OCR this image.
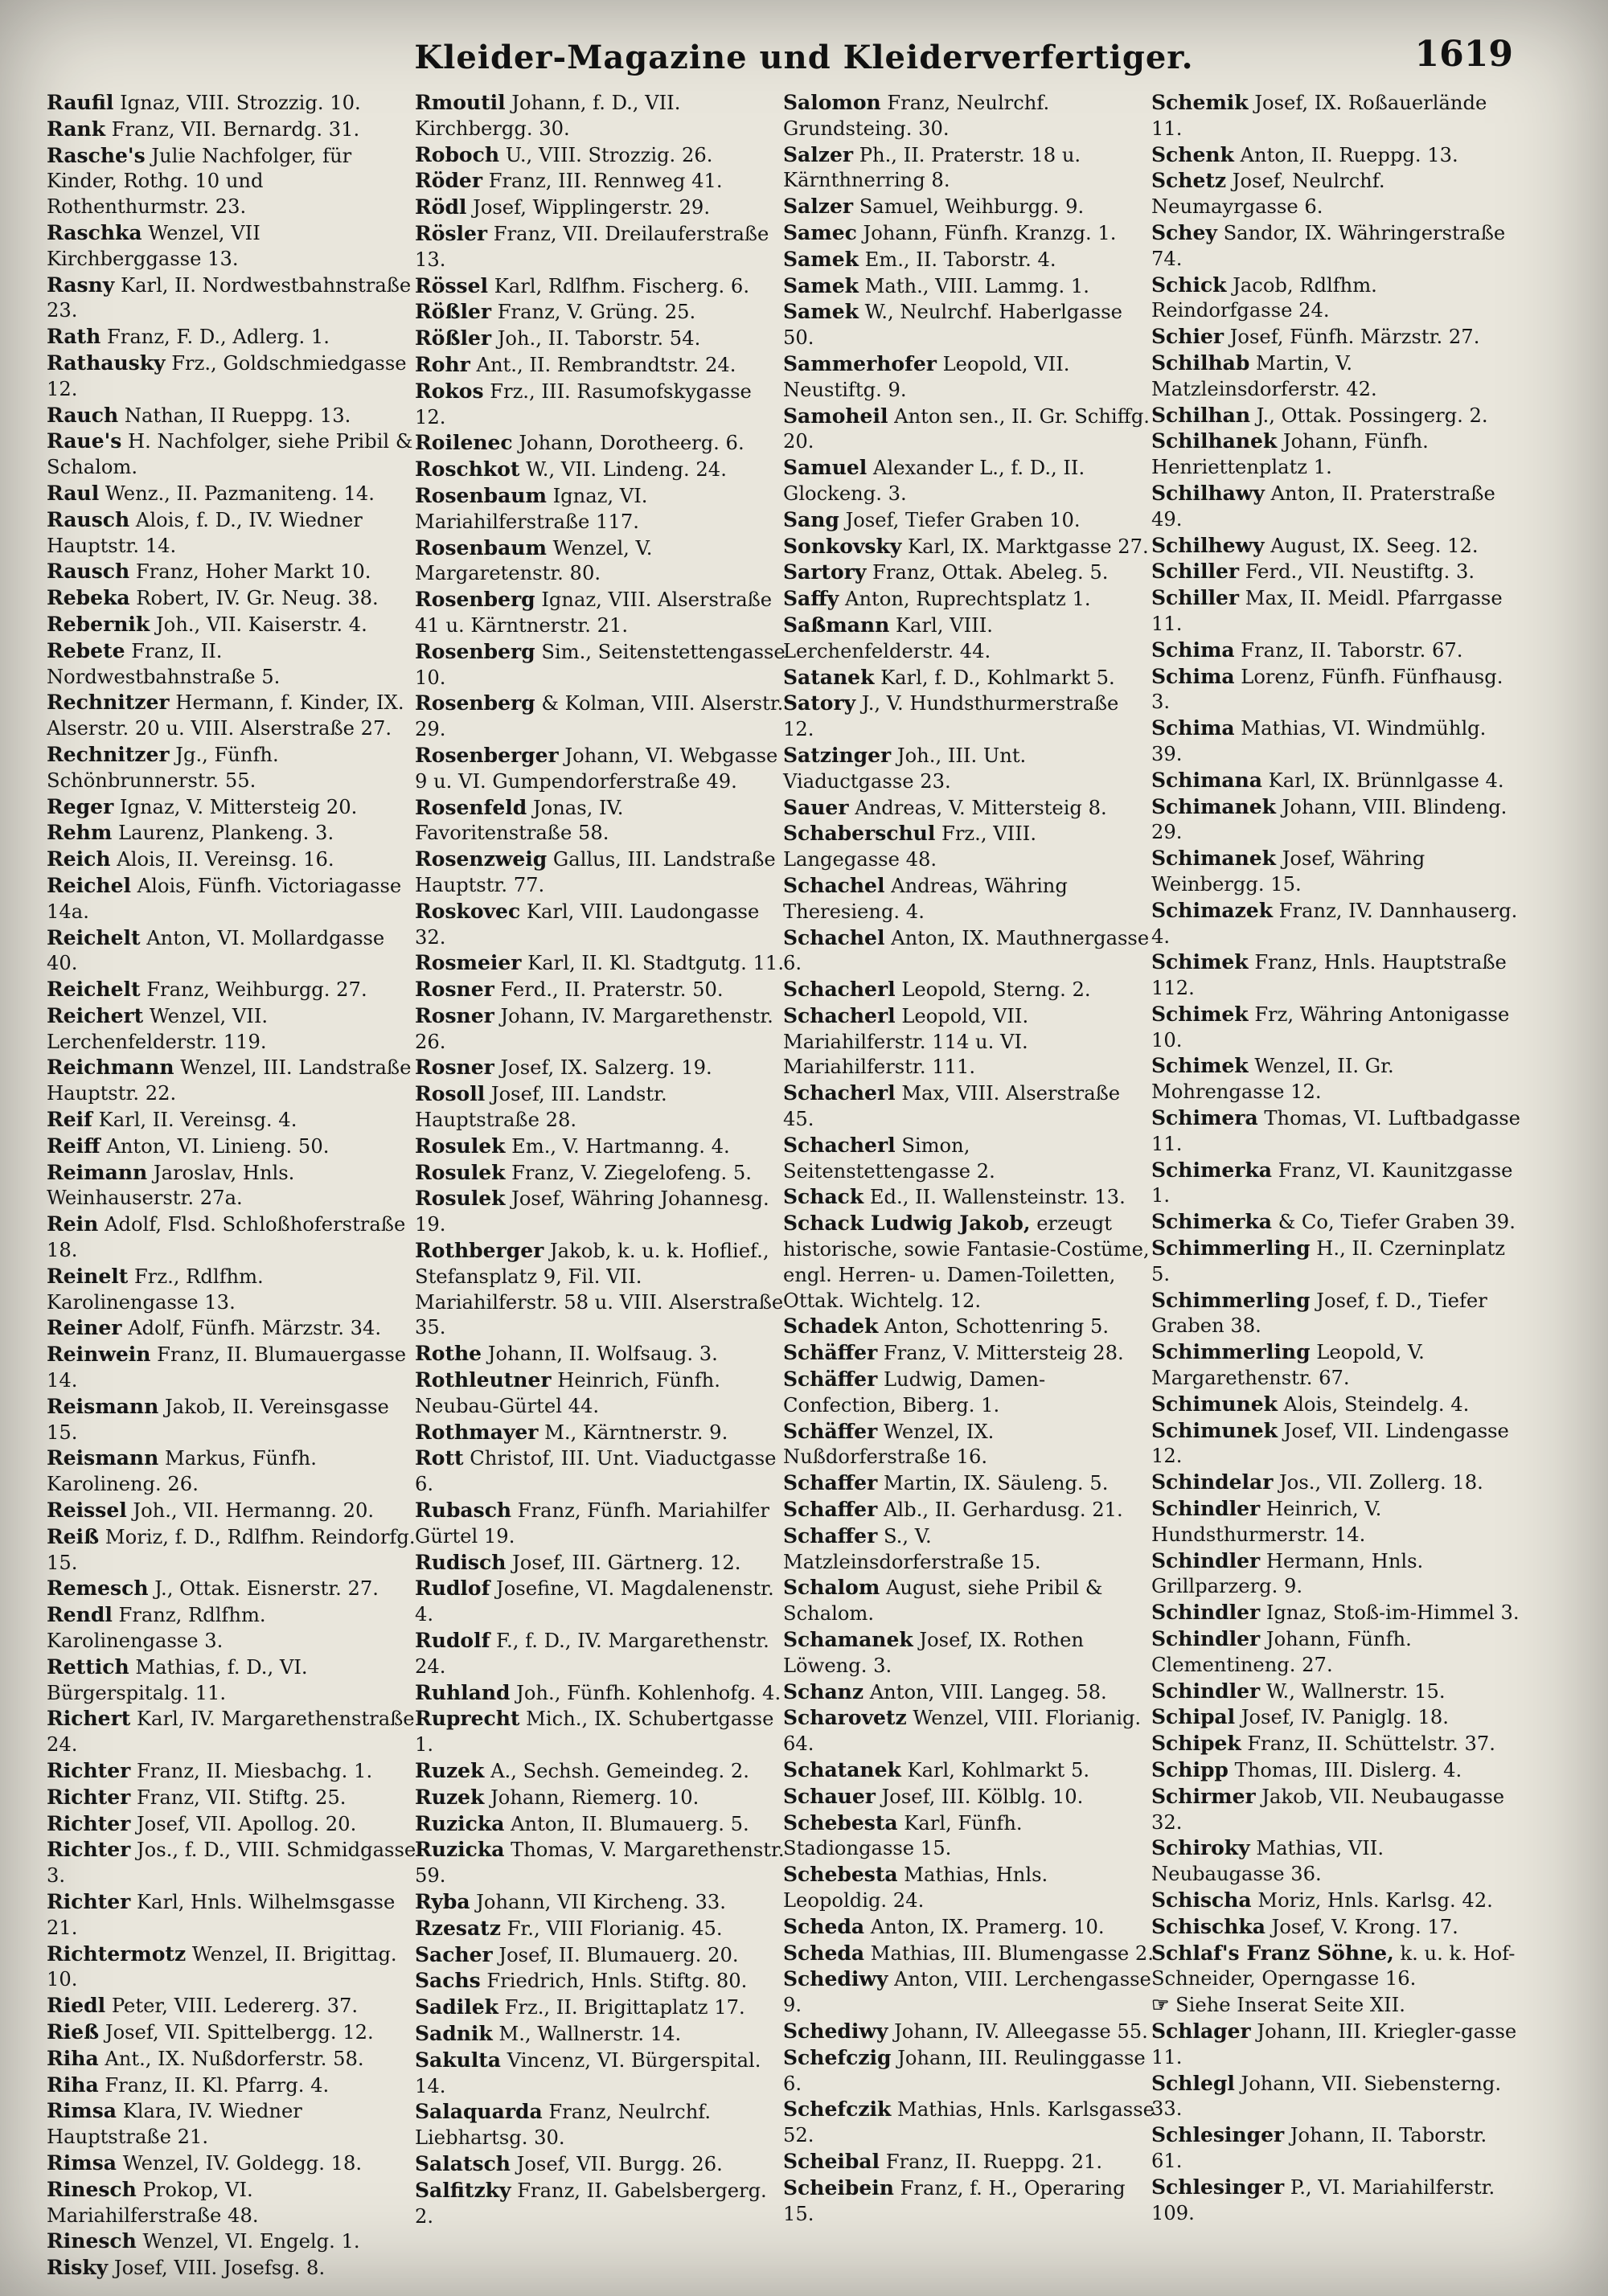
Kleider-Magazine und Kleiderverfertiger.	1619
Raufil Ignaz, VIII. Strozzig. 10.
Rank Franz, VII. Bernardg. 31.
Rasche's Julie Nachfolger, für Kinder, Rothg. 10 und Rothenthurmstr. 23.
Raschka Wenzel, VII Kirchberggasse 13.
Rasny Karl, II. Nordwestbahnstraße 23.
Rath Franz, F. D., Adlerg. 1.
Rathausky Frz., Goldschmiedgasse 12.
Rauch Nathan, II Rueppg. 13.
Raue's H. Nachfolger, siehe Pribil & Schalom.
Raul Wenz., II. Pazmaniteng. 14.
Rausch Alois, f. D., IV. Wiedner Hauptstr. 14.
Rausch Franz, Hoher Markt 10.
Rebeka Robert, IV. Gr. Neug. 38.
Rebernik Joh., VII. Kaiserstr. 4.
Rebete Franz, II. Nordwestbahnstraße 5.
Rechnitzer Hermann, f. Kinder, IX. Alserstr. 20 u. VIII. Alserstraße 27.
Rechnitzer Jg., Fünfh. Schönbrunnerstr. 55.
Reger Ignaz, V. Mittersteig 20.
Rehm Laurenz, Plankeng. 3.
Reich Alois, II. Vereinsg. 16.
Reichel Alois, Fünfh. Victoriagasse 14a.
Reichelt Anton, VI. Mollardgasse 40.
Reichelt Franz, Weihburgg. 27.
Reichert Wenzel, VII. Lerchenfelderstr. 119.
Reichmann Wenzel, III. Landstraße Hauptstr. 22.
Reif Karl, II. Vereinsg. 4.
Reiff Anton, VI. Linieng. 50.
Reimann Jaroslav, Hnls. Weinhauserstr. 27a.
Rein Adolf, Flsd. Schloßhoferstraße 18.
Reinelt Frz., Rdlfhm. Karolinengasse 13.
Reiner Adolf, Fünfh. Märzstr. 34.
Reinwein Franz, II. Blumauergasse 14.
Reismann Jakob, II. Vereinsgasse 15.
Reismann Markus, Fünfh. Karolineng. 26.
Reissel Joh., VII. Hermanng. 20.
Reiß Moriz, f. D., Rdlfhm. Reindorfg. 15.
Remesch J., Ottak. Eisnerstr. 27.
Rendl Franz, Rdlfhm. Karolinengasse 3.
Rettich Mathias, f. D., VI. Bürgerspitalg. 11.
Richert Karl, IV. Margarethenstraße 24.
Richter Franz, II. Miesbachg. 1.
Richter Franz, VII. Stiftg. 25.
Richter Josef, VII. Apollog. 20.
Richter Jos., f. D., VIII. Schmidgasse 3.
Richter Karl, Hnls. Wilhelmsgasse 21.
Richtermotz Wenzel, II. Brigittag. 10.
Riedl Peter, VIII. Ledererg. 37.
Rieß Josef, VII. Spittelbergg. 12.
Riha Ant., IX. Nußdorferstr. 58.
Riha Franz, II. Kl. Pfarrg. 4.
Rimsa Klara, IV. Wiedner Hauptstraße 21.
Rimsa Wenzel, IV. Goldegg. 18.
Rinesch Prokop, VI. Mariahilferstraße 48.
Rinesch Wenzel, VI. Engelg. 1.
Risky Josef, VIII. Josefsg. 8.
Rmoutil Johann, f. D., VII. Kirchbergg. 30.
Roboch U., VIII. Strozzig. 26.
Röder Franz, III. Rennweg 41.
Rödl Josef, Wipplingerstr. 29.
Rösler Franz, VII. Dreilauferstraße 13.
Rössel Karl, Rdlfhm. Fischerg. 6.
Rößler Franz, V. Grüng. 25.
Rößler Joh., II. Taborstr. 54.
Rohr Ant., II. Rembrandtstr. 24.
Rokos Frz., III. Rasumofskygasse 12.
Roilenec Johann, Dorotheerg. 6.
Roschkot W., VII. Lindeng. 24.
Rosenbaum Ignaz, VI. Mariahilferstraße 117.
Rosenbaum Wenzel, V. Margaretenstr. 80.
Rosenberg Ignaz, VIII. Alserstraße 41 u. Kärntnerstr. 21.
Rosenberg Sim., Seitenstettengasse 10.
Rosenberg & Kolman, VIII. Alserstr. 29.
Rosenberger Johann, VI. Webgasse 9 u. VI. Gumpendorferstraße 49.
Rosenfeld Jonas, IV. Favoritenstraße 58.
Rosenzweig Gallus, III. Landstraße Hauptstr. 77.
Roskovec Karl, VIII. Laudongasse 32.
Rosmeier Karl, II. Kl. Stadtgutg. 11.
Rosner Ferd., II. Praterstr. 50.
Rosner Johann, IV. Margarethenstr. 26.
Rosner Josef, IX. Salzerg. 19.
Rosoll Josef, III. Landstr. Hauptstraße 28.
Rosulek Em., V. Hartmanng. 4.
Rosulek Franz, V. Ziegelofeng. 5.
Rosulek Josef, Währing Johannesg. 19.
Rothberger Jakob, k. u. k. Hoflief., Stefansplatz 9, Fil. VII. Mariahilferstr. 58 u. VIII. Alserstraße 35.
Rothe Johann, II. Wolfsaug. 3.
Rothleutner Heinrich, Fünfh. Neubau-Gürtel 44.
Rothmayer M., Kärntnerstr. 9.
Rott Christof, III. Unt. Viaductgasse 6.
Rubasch Franz, Fünfh. Mariahilfer Gürtel 19.
Rudisch Josef, III. Gärtnerg. 12.
Rudlof Josefine, VI. Magdalenenstr. 4.
Rudolf F., f. D., IV. Margarethenstr. 24.
Ruhland Joh., Fünfh. Kohlenhofg. 4.
Ruprecht Mich., IX. Schubertgasse 1.
Ruzek A., Sechsh. Gemeindeg. 2.
Ruzek Johann, Riemerg. 10.
Ruzicka Anton, II. Blumauerg. 5.
Ruzicka Thomas, V. Margarethenstr. 59.
Ryba Johann, VII Kircheng. 33.
Rzesatz Fr., VIII Florianig. 45.
Sacher Josef, II. Blumauerg. 20.
Sachs Friedrich, Hnls. Stiftg. 80.
Sadilek Frz., II. Brigittaplatz 17.
Sadnik M., Wallnerstr. 14.
Sakulta Vincenz, VI. Bürgerspital. 14.
Salaquarda Franz, Neulrchf. Liebhartsg. 30.
Salatsch Josef, VII. Burgg. 26.
Salfitzky Franz, II. Gabelsbergerg. 2.
Salomon Franz, Neulrchf. Grundsteing. 30.
Salzer Ph., II. Praterstr. 18 u. Kärnthnerring 8.
Salzer Samuel, Weihburgg. 9.
Samec Johann, Fünfh. Kranzg. 1.
Samek Em., II. Taborstr. 4.
Samek Math., VIII. Lammg. 1.
Samek W., Neulrchf. Haberlgasse 50.
Sammerhofer Leopold, VII. Neustiftg. 9.
Samoheil Anton sen., II. Gr. Schiffg. 20.
Samuel Alexander L., f. D., II. Glockeng. 3.
Sang Josef, Tiefer Graben 10.
Sonkovsky Karl, IX. Marktgasse 27.
Sartory Franz, Ottak. Abeleg. 5.
Saffy Anton, Ruprechtsplatz 1.
Saßmann Karl, VIII. Lerchenfelderstr. 44.
Satanek Karl, f. D., Kohlmarkt 5.
Satory J., V. Hundsthurmerstraße 12.
Satzinger Joh., III. Unt. Viaductgasse 23.
Sauer Andreas, V. Mittersteig 8.
Schaberschul Frz., VIII. Langegasse 48.
Schachel Andreas, Währing Theresieng. 4.
Schachel Anton, IX. Mauthnergasse 6.
Schacherl Leopold, Sterng. 2.
Schacherl Leopold, VII. Mariahilferstr. 114 u. VI. Mariahilferstr. 111.
Schacherl Max, VIII. Alserstraße 45.
Schacherl Simon, Seitenstettengasse 2.
Schack Ed., II. Wallensteinstr. 13.
Schack Ludwig Jakob, erzeugt historische, sowie Fantasie-Costüme, engl. Herren- u. Damen-Toiletten, Ottak. Wichtelg. 12.
Schadek Anton, Schottenring 5.
Schäffer Franz, V. Mittersteig 28.
Schäffer Ludwig, Damen-Confection, Biberg. 1.
Schäffer Wenzel, IX. Nußdorferstraße 16.
Schaffer Martin, IX. Säuleng. 5.
Schaffer Alb., II. Gerhardusg. 21.
Schaffer S., V. Matzleinsdorferstraße 15.
Schalom August, siehe Pribil & Schalom.
Schamanek Josef, IX. Rothen Löweng. 3.
Schanz Anton, VIII. Langeg. 58.
Scharovetz Wenzel, VIII. Florianig. 64.
Schatanek Karl, Kohlmarkt 5.
Schauer Josef, III. Kölblg. 10.
Schebesta Karl, Fünfh. Stadiongasse 15.
Schebesta Mathias, Hnls. Leopoldig. 24.
Scheda Anton, IX. Pramerg. 10.
Scheda Mathias, III. Blumengasse 2.
Schediwy Anton, VIII. Lerchengasse 9.
Schediwy Johann, IV. Alleegasse 55.
Schefczig Johann, III. Reulinggasse 6.
Schefczik Mathias, Hnls. Karlsgasse 52.
Scheibal Franz, II. Rueppg. 21.
Scheibein Franz, f. H., Operaring 15.
Schemik Josef, IX. Roßauerlände 11.
Schenk Anton, II. Rueppg. 13.
Schetz Josef, Neulrchf. Neumayrgasse 6.
Schey Sandor, IX. Währingerstraße 74.
Schick Jacob, Rdlfhm. Reindorfgasse 24.
Schier Josef, Fünfh. Märzstr. 27.
Schilhab Martin, V. Matzleinsdorferstr. 42.
Schilhan J., Ottak. Possingerg. 2.
Schilhanek Johann, Fünfh. Henriettenplatz 1.
Schilhawy Anton, II. Praterstraße 49.
Schilhewy August, IX. Seeg. 12.
Schiller Ferd., VII. Neustiftg. 3.
Schiller Max, II. Meidl. Pfarrgasse 11.
Schima Franz, II. Taborstr. 67.
Schima Lorenz, Fünfh. Fünfhausg. 3.
Schima Mathias, VI. Windmühlg. 39.
Schimana Karl, IX. Brünnlgasse 4.
Schimanek Johann, VIII. Blindeng. 29.
Schimanek Josef, Währing Weinbergg. 15.
Schimazek Franz, IV. Dannhauserg. 4.
Schimek Franz, Hnls. Hauptstraße 112.
Schimek Frz, Währing Antonigasse 10.
Schimek Wenzel, II. Gr. Mohrengasse 12.
Schimera Thomas, VI. Luftbadgasse 11.
Schimerka Franz, VI. Kaunitzgasse 1.
Schimerka & Co, Tiefer Graben 39.
Schimmerling H., II. Czerninplatz 5.
Schimmerling Josef, f. D., Tiefer Graben 38.
Schimmerling Leopold, V. Margarethenstr. 67.
Schimunek Alois, Steindelg. 4.
Schimunek Josef, VII. Lindengasse 12.
Schindelar Jos., VII. Zollerg. 18.
Schindler Heinrich, V. Hundsthurmerstr. 14.
Schindler Hermann, Hnls. Grillparzerg. 9.
Schindler Ignaz, Stoß-im-Himmel 3.
Schindler Johann, Fünfh. Clementineng. 27.
Schindler W., Wallnerstr. 15.
Schipal Josef, IV. Paniglg. 18.
Schipek Franz, II. Schüttelstr. 37.
Schipp Thomas, III. Dislerg. 4.
Schirmer Jakob, VII. Neubaugasse 32.
Schiroky Mathias, VII. Neubaugasse 36.
Schischa Moriz, Hnls. Karlsg. 42.
Schischka Josef, V. Krong. 17.
Schlaf's Franz Söhne, k. u. k. Hof-Schneider, Operngasse 16.
☞ Siehe Inserat Seite XII.
Schlager Johann, III. Kriegler-gasse 11.
Schlegl Johann, VII. Siebensterng. 33.
Schlesinger Johann, II. Taborstr. 61.
Schlesinger P., VI. Mariahilferstr. 109.
